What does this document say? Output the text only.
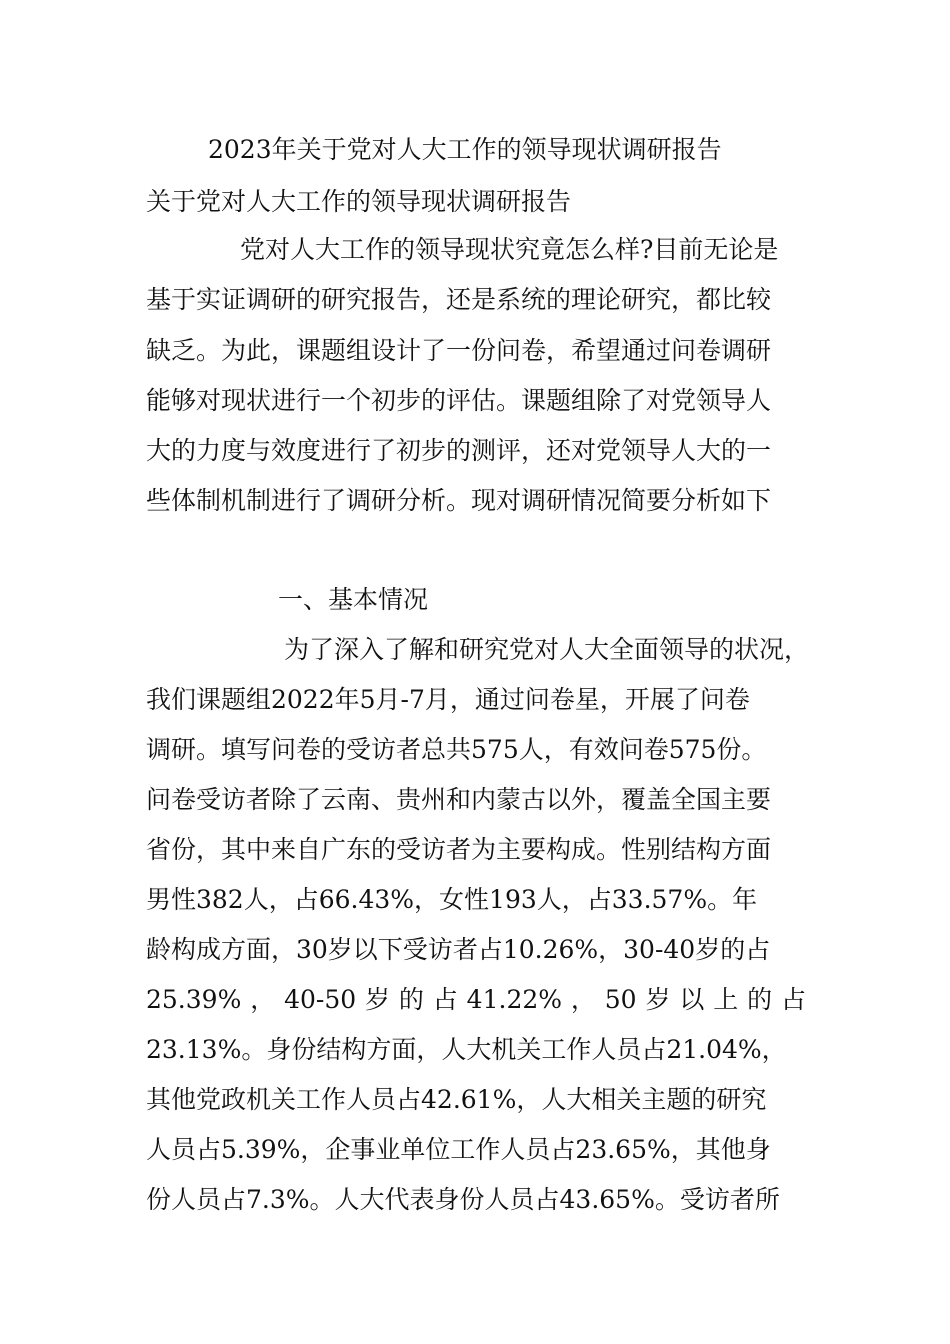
2023年关于党对人大工作的领导现状调研报告
关于党对人大工作的领导现状调研报告
党对人大工作的领导现状究竟怎么样?目前无论是
基于实证调研的研究报告，还是系统的理论研究，都比较
缺乏。为此，课题组设计了一份问卷，希望通过问卷调研
能够对现状进行一个初步的评估。课题组除了对党领导人
大的力度与效度进行了初步的测评，还对党领导人大的一
些体制机制进行了调研分析。现对调研情况简要分析如下
一、基本情况
为了深入了解和研究党对人大全面领导的状况，
我们课题组2022年5月-7月，通过问卷星，开展了问卷
调研。填写问卷的受访者总共575人，有效问卷575份。
问卷受访者除了云南、贵州和内蒙古以外，覆盖全国主要
省份，其中来自广东的受访者为主要构成。性别结构方面
男性382人，占66.43%，女性193人，占33.57%。年
龄构成方面，30岁以下受访者占10.26%，30-40岁的占
25.39%，40-50岁的占41.22%，50岁以上的占
23.13%。身份结构方面，人大机关工作人员占21.04%，
其他党政机关工作人员占42.61%，人大相关主题的研究
人员占5.39%，企事业单位工作人员占23.65%，其他身
份人员占7.3%。人大代表身份人员占43.65%。受访者所
